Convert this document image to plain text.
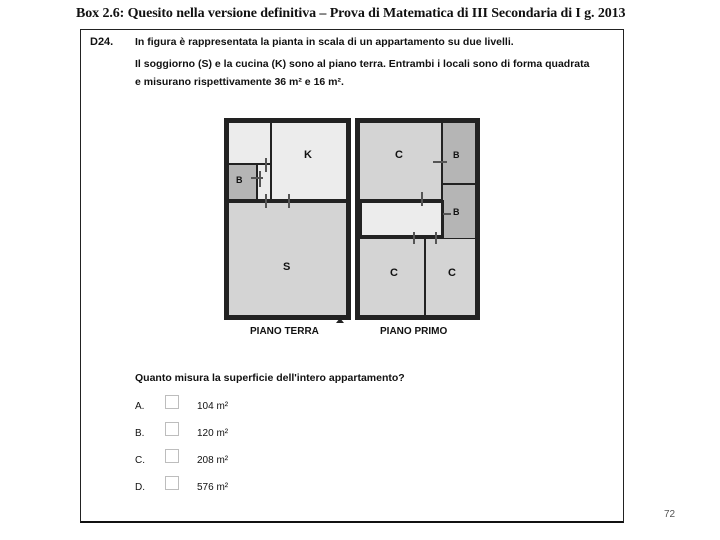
Box 2.6: Quesito nella versione definitiva – Prova di Matematica di III Secondaria di I g. 2013
D24. In figura è rappresentata la pianta in scala di un appartamento su due livelli.
Il soggiorno (S) e la cucina (K) sono al piano terra. Entrambi i locali sono di forma quadrata
e misurano rispettivamente 36 m² e 16 m².
B
K
S
PIANO TERRA
C	B
B
C	C
PIANO PRIMO
Quanto misura la superficie dell'intero appartamento?
A.	104 m²
B.	120 m²
C.	208 m²
D.	576 m²
72
